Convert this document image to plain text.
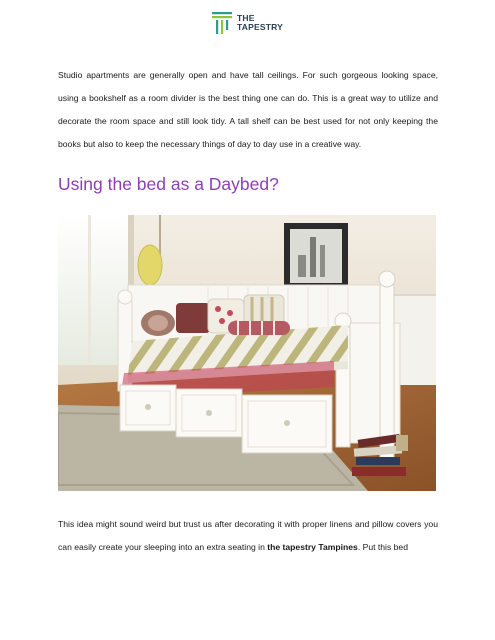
THE
TAPESTRY

Studio apartments are generally open and have tall ceilings. For such gorgeous looking space, using a bookshelf as a room divider is the best thing one can do. This is a great way to utilize and decorate the room space and still look tidy. A tall shelf can be best used for not only keeping the books but also to keep the necessary things of day to day use in a creative way.

Using the bed as a Daybed?

This idea might sound weird but trust us after decorating it with proper linens and pillow covers you can easily create your sleeping into an extra seating in the tapestry Tampines. Put this bed
